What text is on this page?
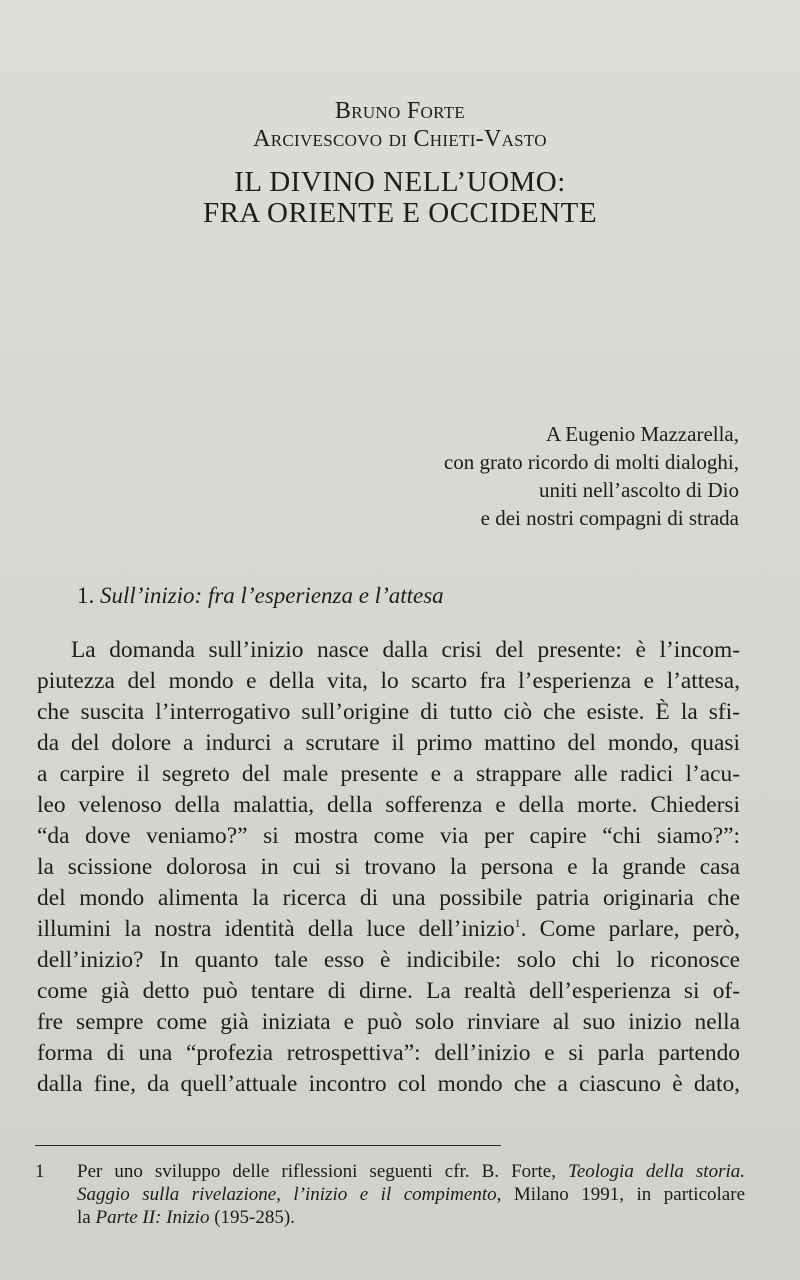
Bruno Forte
Arcivescovo di Chieti-Vasto
IL DIVINO NELL’UOMO:
FRA ORIENTE E OCCIDENTE
A Eugenio Mazzarella,
con grato ricordo di molti dialoghi,
uniti nell’ascolto di Dio
e dei nostri compagni di strada
1. Sull’inizio: fra l’esperienza e l’attesa
La domanda sull’inizio nasce dalla crisi del presente: è l’incom-
piutezza del mondo e della vita, lo scarto fra l’esperienza e l’attesa,
che suscita l’interrogativo sull’origine di tutto ciò che esiste. È la sfi-
da del dolore a indurci a scrutare il primo mattino del mondo, quasi
a carpire il segreto del male presente e a strappare alle radici l’acu-
leo velenoso della malattia, della sofferenza e della morte. Chiedersi
“da dove veniamo?” si mostra come via per capire “chi siamo?”:
la scissione dolorosa in cui si trovano la persona e la grande casa
del mondo alimenta la ricerca di una possibile patria originaria che
illumini la nostra identità della luce dell’inizio$^1$. Come parlare, però,
dell’inizio? In quanto tale esso è indicibile: solo chi lo riconosce
come già detto può tentare di dirne. La realtà dell’esperienza si of-
fre sempre come già iniziata e può solo rinviare al suo inizio nella
forma di una “profezia retrospettiva”: dell’inizio e si parla partendo
dalla fine, da quell’attuale incontro col mondo che a ciascuno è dato,
1 Per uno sviluppo delle riflessioni seguenti cfr. B. Forte, Teologia della storia.
Saggio sulla rivelazione, l’inizio e il compimento, Milano 1991, in particolare
la Parte II: Inizio (195-285).
